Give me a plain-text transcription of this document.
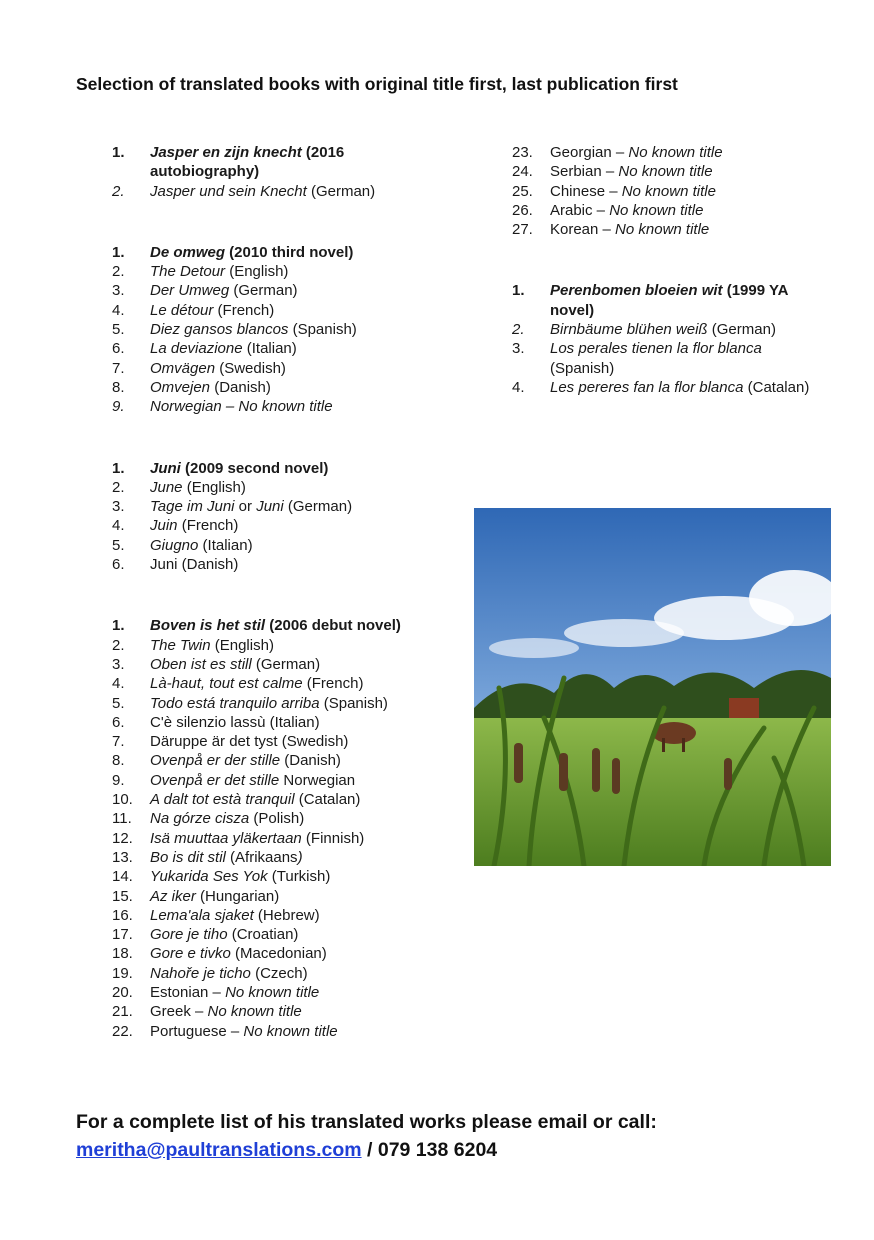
Selection of translated books with original title first, last publication first
1.	Jasper en zijn knecht (2016 autobiography)
2.	Jasper und sein Knecht (German)
1.	De omweg (2010 third novel)
2.	The Detour (English)
3.	Der Umweg (German)
4.	Le détour (French)
5.	Diez gansos blancos (Spanish)
6.	La deviazione (Italian)
7.	Omvägen (Swedish)
8.	Omvejen (Danish)
9.	Norwegian – No known title
1.	Juni (2009 second novel)
2.	June (English)
3.	Tage im Juni or Juni (German)
4.	Juin (French)
5.	Giugno (Italian)
6.	Juni (Danish)
1.	Boven is het stil (2006 debut novel)
2.	The Twin (English)
3.	Oben ist es still (German)
4.	Là-haut, tout est calme (French)
5.	Todo está tranquilo arriba (Spanish)
6.	C'è silenzio lassù (Italian)
7.	Däruppe är det tyst (Swedish)
8.	Ovenpå er der stille (Danish)
9.	Ovenpå er det stille Norwegian
10.	A dalt tot està tranquil (Catalan)
11.	Na górze cisza (Polish)
12.	Isä muuttaa yläkertaan (Finnish)
13.	Bo is dit stil (Afrikaans)
14.	Yukarida Ses Yok (Turkish)
15.	Az iker (Hungarian)
16.	Lema'ala sjaket (Hebrew)
17.	Gore je tiho (Croatian)
18.	Gore e tivko (Macedonian)
19.	Nahoře je ticho (Czech)
20.	Estonian – No known title
21.	Greek – No known title
22.	Portuguese – No known title
23.	Georgian – No known title
24.	Serbian – No known title
25.	Chinese – No known title
26.	Arabic – No known title
27.	Korean – No known title
1.	Perenbomen bloeien wit (1999 YA novel)
2.	Birnbäume blühen weiß (German)
3.	Los perales tienen la flor blanca (Spanish)
4.	Les pereres fan la flor blanca (Catalan)
For a complete list of his translated works please email or call:
meritha@paultranslations.com / 079 138 6204
